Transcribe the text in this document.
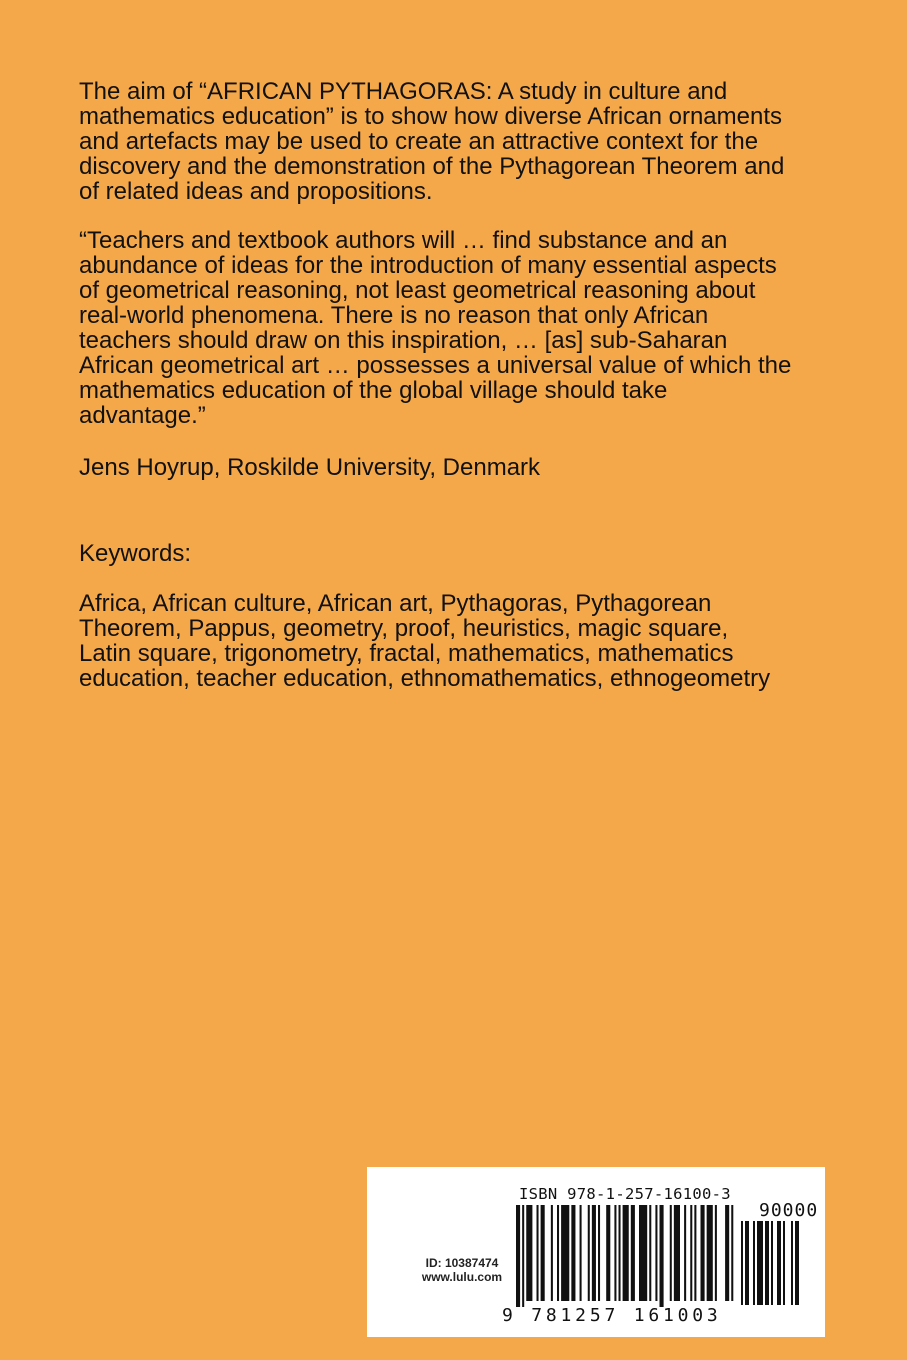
The aim of “AFRICAN PYTHAGORAS: A study in culture and
mathematics education” is to show how diverse African ornaments
and artefacts may be used to create an attractive context for the
discovery and the demonstration of the Pythagorean Theorem and
of related ideas and propositions.

“Teachers and textbook authors will … find substance and an
abundance of ideas for the introduction of many essential aspects
of geometrical reasoning, not least geometrical reasoning about
real-world phenomena. There is no reason that only African
teachers should draw on this inspiration, … [as] sub-Saharan
African geometrical art … possesses a universal value of which the
mathematics education of the global village should take
advantage.”

Jens Hoyrup, Roskilde University, Denmark

Keywords:

Africa, African culture, African art, Pythagoras, Pythagorean
Theorem, Pappus, geometry, proof, heuristics, magic square,
Latin square, trigonometry, fractal, mathematics, mathematics
education, teacher education, ethnomathematics, ethnogeometry

ID: 10387474
www.lulu.com
ISBN 978-1-257-16100-3
90000
9 781257 161003
